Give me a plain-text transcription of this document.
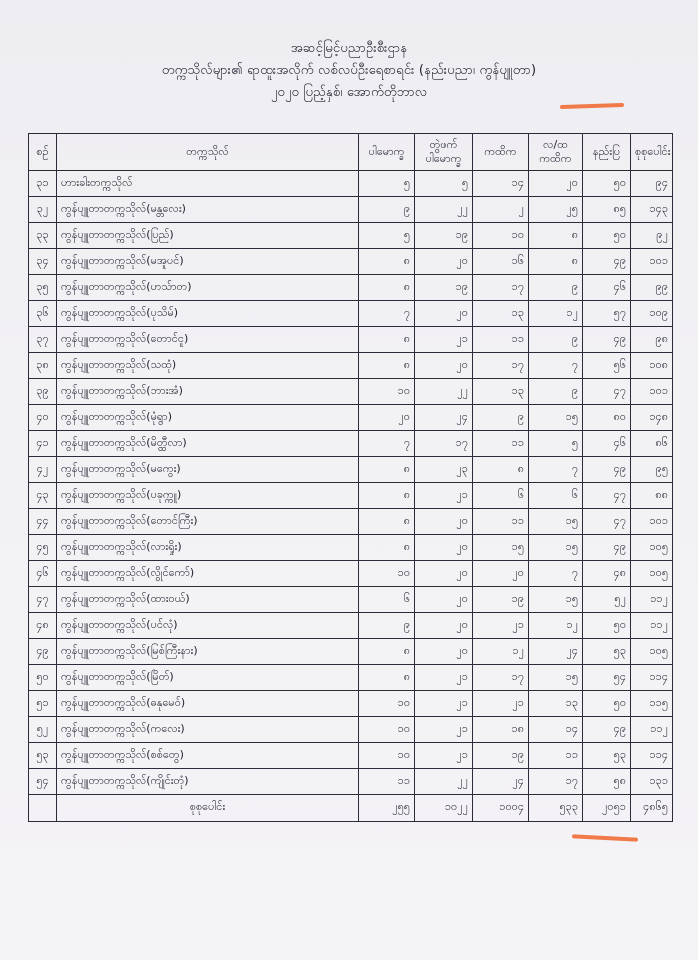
အဆင့်မြင့်ပညာဦးစီးဌာန
တက္ကသိုလ်များ၏ ရာထူးအလိုက် လစ်လပ်ဦးရေစာရင်း (နည်းပညာ၊ ကွန်ပျူတာ)
၂၀၂၀ ပြည့်နှစ်၊ အောက်တိုဘာလ
စဉ်	တက္ကသိုလ်	ပါမောက္ခ	တွဲဖက် ပါမောက္ခ	ကထိက	လ/ထ ကထိက	နည်းပြ	စုစုပေါင်း
၃၁	ဟားခါးတက္ကသိုလ်	၅	၅	၁၄	၂၀	၅၀	၉၄
၃၂	ကွန်ပျူတာတက္ကသိုလ်(မန္တလေး)	၉	၂၂	၂	၂၅	၈၅	၁၄၃
၃၃	ကွန်ပျူတာတက္ကသိုလ်(ပြည်)	၅	၁၉	၁၀	၈	၅၀	၉၂
၃၄	ကွန်ပျူတာတက္ကသိုလ်(မအူပင်)	၈	၂၀	၁၆	၈	၄၉	၁၀၁
၃၅	ကွန်ပျူတာတက္ကသိုလ်(ဟသ်ာတ)	၈	၁၉	၁၇	၉	၄၆	၉၉
၃၆	ကွန်ပျူတာတက္ကသိုလ်(ပုသိမ်)	၇	၂၀	၁၃	၁၂	၅၇	၁၀၉
၃၇	ကွန်ပျူတာတက္ကသိုလ်(တောင်ငူ)	၈	၂၁	၁၁	၉	၄၉	၉၈
၃၈	ကွန်ပျူတာတက္ကသိုလ်(သထုံ)	၈	၂၀	၁၇	၇	၅၆	၁၀၈
၃၉	ကွန်ပျူတာတက္ကသိုလ်(ဘားအံ)	၁၀	၂၂	၁၃	၉	၄၇	၁၀၁
၄၀	ကွန်ပျူတာတက္ကသိုလ်(မုံရွာ)	၂၀	၂၄	၉	၁၅	၈၀	၁၄၈
၄၁	ကွန်ပျူတာတက္ကသိုလ်(မိတ္ထီလာ)	၇	၁၇	၁၁	၅	၄၆	၈၆
၄၂	ကွန်ပျူတာတက္ကသိုလ်(မကွေး)	၈	၂၃	၈	၇	၄၉	၉၅
၄၃	ကွန်ပျူတာတက္ကသိုလ်(ပခုက္ကူ)	၈	၂၁	၆	၆	၄၇	၈၈
၄၄	ကွန်ပျူတာတက္ကသိုလ်(တောင်ကြီး)	၈	၂၀	၁၁	၁၅	၄၇	၁၀၁
၄၅	ကွန်ပျူတာတက္ကသိုလ်(လားရှိုး)	၈	၂၀	၁၅	၁၅	၄၉	၁၀၅
၄၆	ကွန်ပျူတာတက္ကသိုလ်(လွိုင်ကော်)	၁၀	၂၀	၂၀	၇	၄၈	၁၀၅
၄၇	ကွန်ပျူတာတက္ကသိုလ်(ထားဝယ်)	၆	၂၀	၁၉	၁၅	၅၂	၁၁၂
၄၈	ကွန်ပျူတာတက္ကသိုလ်(ပင်လုံ)	၉	၂၀	၂၁	၁၂	၅၀	၁၁၂
၄၉	ကွန်ပျူတာတက္ကသိုလ်(မြစ်ကြီးနား)	၈	၂၀	၁၂	၂၄	၅၃	၁၀၅
၅၀	ကွန်ပျူတာတက္ကသိုလ်(မြိတ်)	၈	၂၁	၁၇	၁၅	၅၄	၁၁၄
၅၁	ကွန်ပျူတာတက္ကသိုလ်(ဓနုမေဝ်)	၁၀	၂၁	၂၁	၁၃	၅၀	၁၁၅
၅၂	ကွန်ပျူတာတက္ကသိုလ်(ကလေး)	၁၀	၂၁	၁၈	၁၄	၄၉	၁၁၂
၅၃	ကွန်ပျူတာတက္ကသိုလ်(စစ်တွေ)	၁၀	၂၁	၁၉	၁၁	၅၃	၁၁၄
၅၄	ကွန်ပျူတာတက္ကသိုလ်(ကျိုင်းတုံ)	၁၁	၂၂	၂၄	၁၇	၅၈	၁၃၁
	စုစုပေါင်း	၂၅၅	၁၀၂၂	၁၀၀၄	၅၃၃	၂၀၅၁	၄၈၆၅
